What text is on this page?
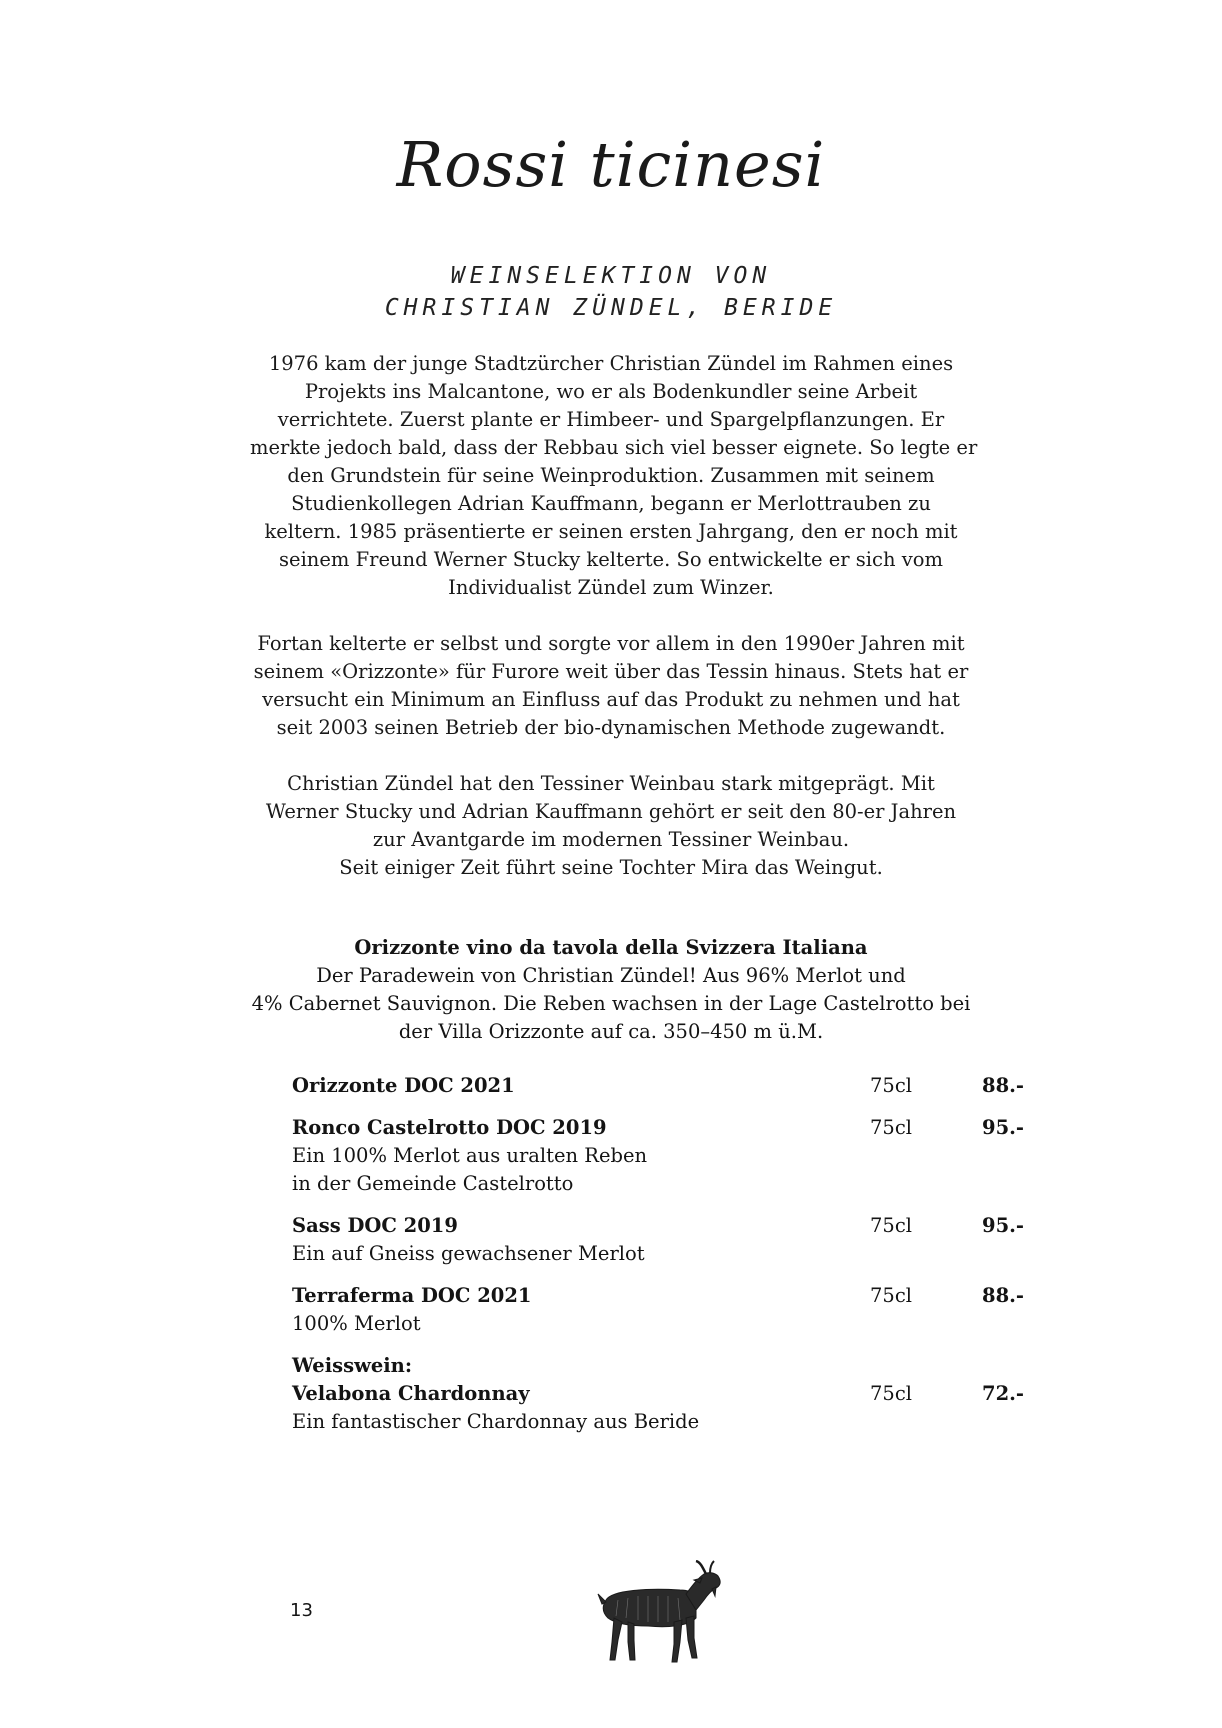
Rossi ticinesi
WEINSELEKTION VON
CHRISTIAN ZÜNDEL, BERIDE

1976 kam der junge Stadtzürcher Christian Zündel im Rahmen eines
Projekts ins Malcantone, wo er als Bodenkundler seine Arbeit
verrichtete. Zuerst plante er Himbeer- und Spargelpflanzungen. Er
merkte jedoch bald, dass der Rebbau sich viel besser eignete. So legte er
den Grundstein für seine Weinproduktion. Zusammen mit seinem
Studienkollegen Adrian Kauffmann, begann er Merlottrauben zu
keltern. 1985 präsentierte er seinen ersten Jahrgang, den er noch mit
seinem Freund Werner Stucky kelterte. So entwickelte er sich vom
Individualist Zündel zum Winzer.

Fortan kelterte er selbst und sorgte vor allem in den 1990er Jahren mit
seinem «Orizzonte» für Furore weit über das Tessin hinaus. Stets hat er
versucht ein Minimum an Einfluss auf das Produkt zu nehmen und hat
seit 2003 seinen Betrieb der bio-dynamischen Methode zugewandt.

Christian Zündel hat den Tessiner Weinbau stark mitgeprägt. Mit
Werner Stucky und Adrian Kauffmann gehört er seit den 80-er Jahren
zur Avantgarde im modernen Tessiner Weinbau.
Seit einiger Zeit führt seine Tochter Mira das Weingut.

Orizzonte vino da tavola della Svizzera Italiana
Der Paradewein von Christian Zündel! Aus 96% Merlot und
4% Cabernet Sauvignon. Die Reben wachsen in der Lage Castelrotto bei
der Villa Orizzonte auf ca. 350–450 m ü.M.
Orizzonte DOC 2021	75cl	88.-
Ronco Castelrotto DOC 2019	75cl	95.-
Ein 100% Merlot aus uralten Reben
in der Gemeinde Castelrotto
Sass DOC 2019	75cl	95.-
Ein auf Gneiss gewachsener Merlot
Terraferma DOC 2021	75cl	88.-
100% Merlot
Weisswein:
Velabona Chardonnay	75cl	72.-
Ein fantastischer Chardonnay aus Beride
13
